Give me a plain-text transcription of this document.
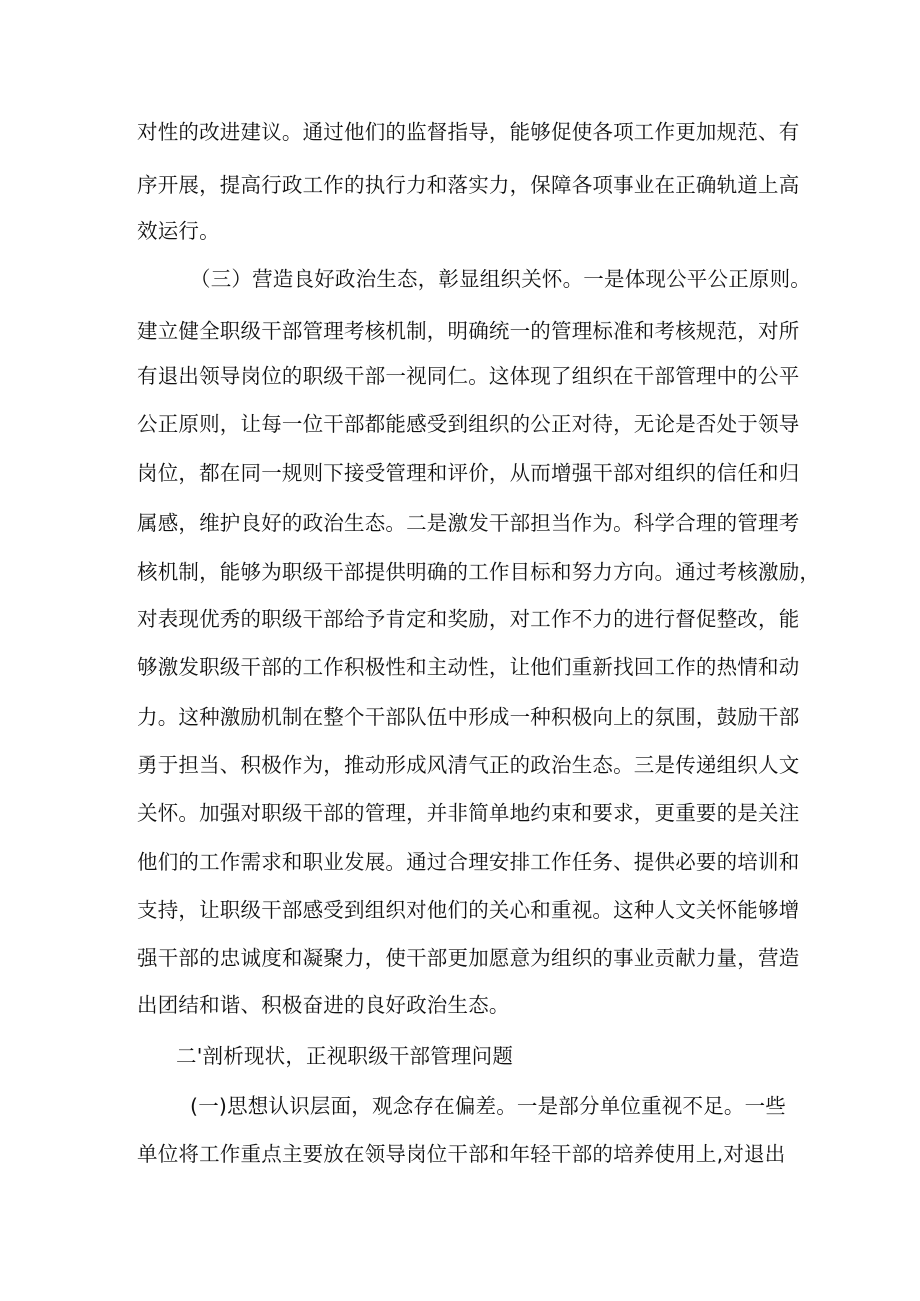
对性的改进建议。通过他们的监督指导，能够促使各项工作更加规范、有
序开展，提高行政工作的执行力和落实力，保障各项事业在正确轨道上高
效运行。
（三）营造良好政治生态，彰显组织关怀。一是体现公平公正原则。
建立健全职级干部管理考核机制，明确统一的管理标准和考核规范，对所
有退出领导岗位的职级干部一视同仁。这体现了组织在干部管理中的公平
公正原则，让每一位干部都能感受到组织的公正对待，无论是否处于领导
岗位，都在同一规则下接受管理和评价，从而增强干部对组织的信任和归
属感，维护良好的政治生态。二是激发干部担当作为。科学合理的管理考
核机制，能够为职级干部提供明确的工作目标和努力方向。通过考核激励，
对表现优秀的职级干部给予肯定和奖励，对工作不力的进行督促整改，能
够激发职级干部的工作积极性和主动性，让他们重新找回工作的热情和动
力。这种激励机制在整个干部队伍中形成一种积极向上的氛围，鼓励干部
勇于担当、积极作为，推动形成风清气正的政治生态。三是传递组织人文
关怀。加强对职级干部的管理，并非简单地约束和要求，更重要的是关注
他们的工作需求和职业发展。通过合理安排工作任务、提供必要的培训和
支持，让职级干部感受到组织对他们的关心和重视。这种人文关怀能够增
强干部的忠诚度和凝聚力，使干部更加愿意为组织的事业贡献力量，营造
出团结和谐、积极奋进的良好政治生态。
二'剖析现状，正视职级干部管理问题
(一)思想认识层面，观念存在偏差。一是部分单位重视不足。一些
单位将工作重点主要放在领导岗位干部和年轻干部的培养使用上,对退出
